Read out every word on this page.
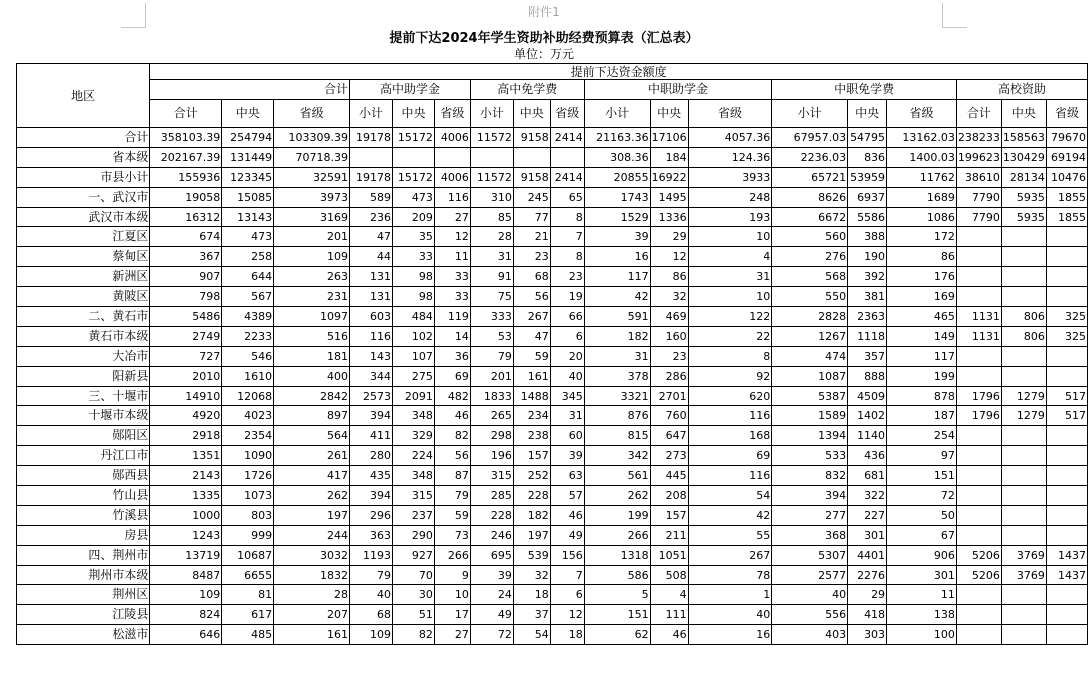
附件1
提前下达2024年学生资助补助经费预算表（汇总表）
单位：万元
地区	提前下达资金额度																	
	合计			高中助学金			高中免学费			中职助学金			中职免学费			高校资助		
	合计	中央	省级	小计	中央	省级	小计	中央	省级	小计	中央	省级	小计	中央	省级	合计	中央	省级
合计	358103.39	254794	103309.39	19178	15172	4006	11572	9158	2414	21163.36	17106	4057.36	67957.03	54795	13162.03	238233	158563	79670
省本级	202167.39	131449	70718.39							308.36	184	124.36	2236.03	836	1400.03	199623	130429	69194
市县小计	155936	123345	32591	19178	15172	4006	11572	9158	2414	20855	16922	3933	65721	53959	11762	38610	28134	10476
一、武汉市	19058	15085	3973	589	473	116	310	245	65	1743	1495	248	8626	6937	1689	7790	5935	1855
武汉市本级	16312	13143	3169	236	209	27	85	77	8	1529	1336	193	6672	5586	1086	7790	5935	1855
江夏区	674	473	201	47	35	12	28	21	7	39	29	10	560	388	172			
蔡甸区	367	258	109	44	33	11	31	23	8	16	12	4	276	190	86			
新洲区	907	644	263	131	98	33	91	68	23	117	86	31	568	392	176			
黄陂区	798	567	231	131	98	33	75	56	19	42	32	10	550	381	169			
二、黄石市	5486	4389	1097	603	484	119	333	267	66	591	469	122	2828	2363	465	1131	806	325
黄石市本级	2749	2233	516	116	102	14	53	47	6	182	160	22	1267	1118	149	1131	806	325
大冶市	727	546	181	143	107	36	79	59	20	31	23	8	474	357	117			
阳新县	2010	1610	400	344	275	69	201	161	40	378	286	92	1087	888	199			
三、十堰市	14910	12068	2842	2573	2091	482	1833	1488	345	3321	2701	620	5387	4509	878	1796	1279	517
十堰市本级	4920	4023	897	394	348	46	265	234	31	876	760	116	1589	1402	187	1796	1279	517
郧阳区	2918	2354	564	411	329	82	298	238	60	815	647	168	1394	1140	254			
丹江口市	1351	1090	261	280	224	56	196	157	39	342	273	69	533	436	97			
郧西县	2143	1726	417	435	348	87	315	252	63	561	445	116	832	681	151			
竹山县	1335	1073	262	394	315	79	285	228	57	262	208	54	394	322	72			
竹溪县	1000	803	197	296	237	59	228	182	46	199	157	42	277	227	50			
房县	1243	999	244	363	290	73	246	197	49	266	211	55	368	301	67			
四、荆州市	13719	10687	3032	1193	927	266	695	539	156	1318	1051	267	5307	4401	906	5206	3769	1437
荆州市本级	8487	6655	1832	79	70	9	39	32	7	586	508	78	2577	2276	301	5206	3769	1437
荆州区	109	81	28	40	30	10	24	18	6	5	4	1	40	29	11			
江陵县	824	617	207	68	51	17	49	37	12	151	111	40	556	418	138			
松滋市	646	485	161	109	82	27	72	54	18	62	46	16	403	303	100			
